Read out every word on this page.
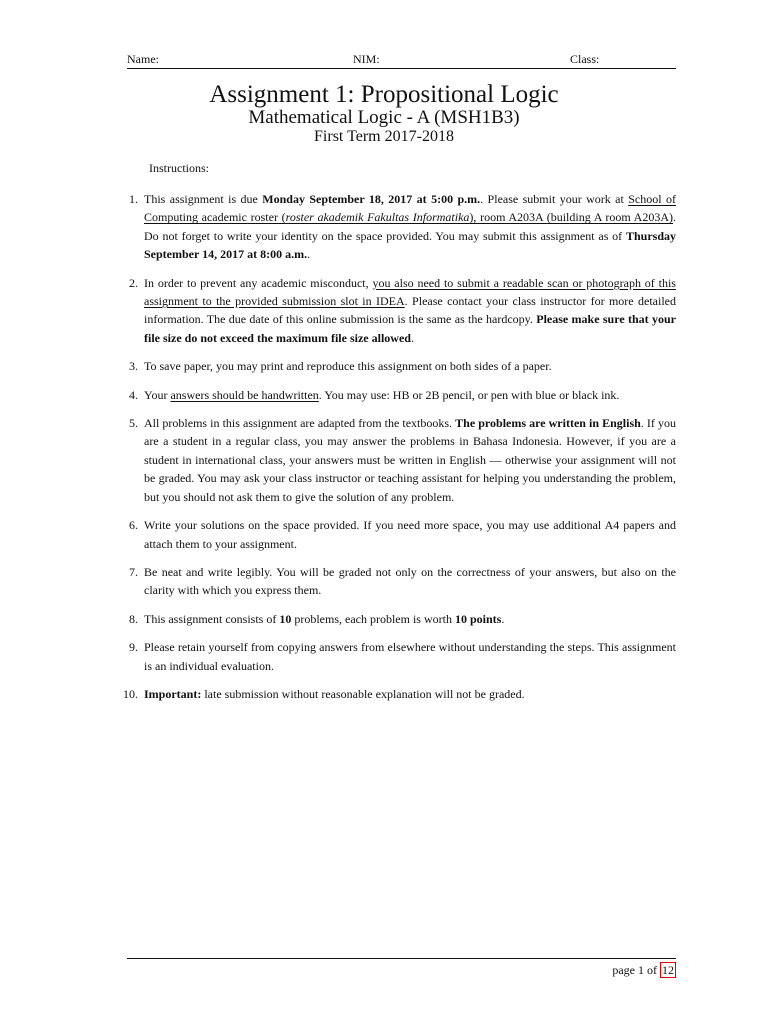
Name:	NIM:	Class:
Assignment 1: Propositional Logic
Mathematical Logic - A (MSH1B3)
First Term 2017-2018
Instructions:
1. This assignment is due Monday September 18, 2017 at 5:00 p.m.. Please submit your work at School of Computing academic roster (roster akademik Fakultas Informatika), room A203A (building A room A203A). Do not forget to write your identity on the space provided. You may submit this assignment as of Thursday September 14, 2017 at 8:00 a.m..
2. In order to prevent any academic misconduct, you also need to submit a readable scan or photograph of this assignment to the provided submission slot in IDEA. Please contact your class instructor for more detailed information. The due date of this online submission is the same as the hardcopy. Please make sure that your file size do not exceed the maximum file size allowed.
3. To save paper, you may print and reproduce this assignment on both sides of a paper.
4. Your answers should be handwritten. You may use: HB or 2B pencil, or pen with blue or black ink.
5. All problems in this assignment are adapted from the textbooks. The problems are written in English. If you are a student in a regular class, you may answer the problems in Bahasa Indonesia. However, if you are a student in international class, your answers must be written in English — otherwise your assignment will not be graded. You may ask your class instructor or teaching assistant for helping you understanding the problem, but you should not ask them to give the solution of any problem.
6. Write your solutions on the space provided. If you need more space, you may use additional A4 papers and attach them to your assignment.
7. Be neat and write legibly. You will be graded not only on the correctness of your answers, but also on the clarity with which you express them.
8. This assignment consists of 10 problems, each problem is worth 10 points.
9. Please retain yourself from copying answers from elsewhere without understanding the steps. This assignment is an individual evaluation.
10. Important: late submission without reasonable explanation will not be graded.
page 1 of 12
